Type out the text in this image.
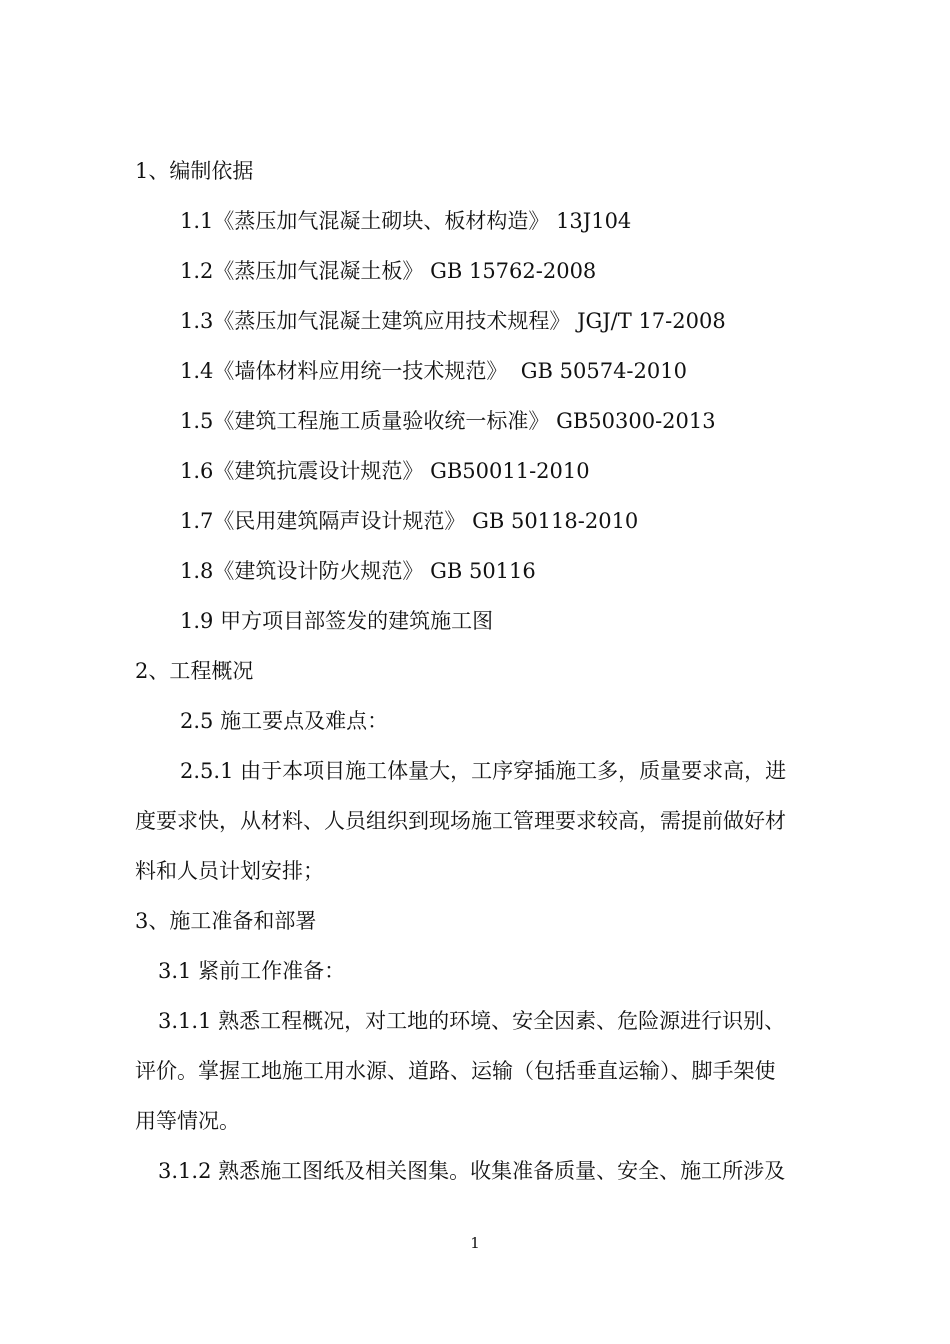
1、编制依据
1.1《蒸压加气混凝土砌块、板材构造》 13J104
1.2《蒸压加气混凝土板》 GB 15762-2008
1.3《蒸压加气混凝土建筑应用技术规程》 JGJ/T 17-2008
1.4《墙体材料应用统一技术规范》  GB 50574-2010
1.5《建筑工程施工质量验收统一标准》 GB50300-2013
1.6《建筑抗震设计规范》 GB50011-2010
1.7《民用建筑隔声设计规范》 GB 50118-2010
1.8《建筑设计防火规范》 GB 50116
1.9 甲方项目部签发的建筑施工图
2、工程概况
2.5 施工要点及难点：
2.5.1 由于本项目施工体量大，工序穿插施工多，质量要求高，进
度要求快，从材料、人员组织到现场施工管理要求较高，需提前做好材
料和人员计划安排；
3、施工准备和部署
3.1 紧前工作准备：
3.1.1 熟悉工程概况，对工地的环境、安全因素、危险源进行识别、
评价。掌握工地施工用水源、道路、运输（包括垂直运输）、脚手架使
用等情况。
3.1.2 熟悉施工图纸及相关图集。收集准备质量、安全、施工所涉及
1
